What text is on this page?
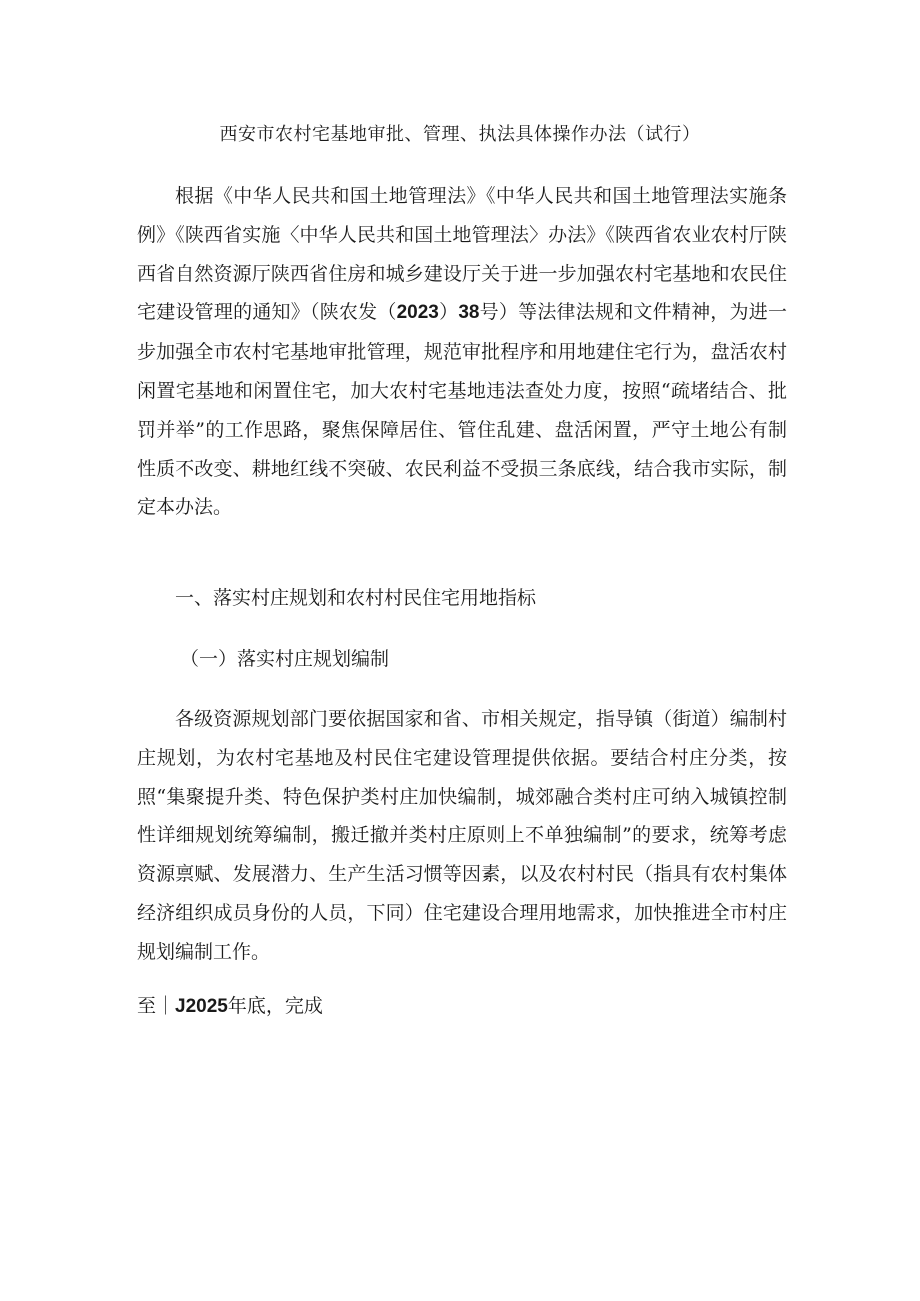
西安市农村宅基地审批、管理、执法具体操作办法（试行）

根据《中华人民共和国土地管理法》《中华人民共和国土地管理法实施条例》《陕西省实施〈中华人民共和国土地管理法〉办法》《陕西省农业农村厅陕西省自然资源厅陕西省住房和城乡建设厅关于进一步加强农村宅基地和农民住宅建设管理的通知》（陕农发（2023）38号）等法律法规和文件精神，为进一步加强全市农村宅基地审批管理，规范审批程序和用地建住宅行为，盘活农村闲置宅基地和闲置住宅，加大农村宅基地违法查处力度，按照“疏堵结合、批罚并举”的工作思路，聚焦保障居住、管住乱建、盘活闲置，严守土地公有制性质不改变、耕地红线不突破、农民利益不受损三条底线，结合我市实际，制定本办法。

一、落实村庄规划和农村村民住宅用地指标
（一）落实村庄规划编制

各级资源规划部门要依据国家和省、市相关规定，指导镇（街道）编制村庄规划，为农村宅基地及村民住宅建设管理提供依据。要结合村庄分类，按照“集聚提升类、特色保护类村庄加快编制，城郊融合类村庄可纳入城镇控制性详细规划统筹编制，搬迁撤并类村庄原则上不单独编制”的要求，统筹考虑资源禀赋、发展潜力、生产生活习惯等因素，以及农村村民（指具有农村集体经济组织成员身份的人员，下同）住宅建设合理用地需求，加快推进全市村庄规划编制工作。

至｜J2025年底，完成
